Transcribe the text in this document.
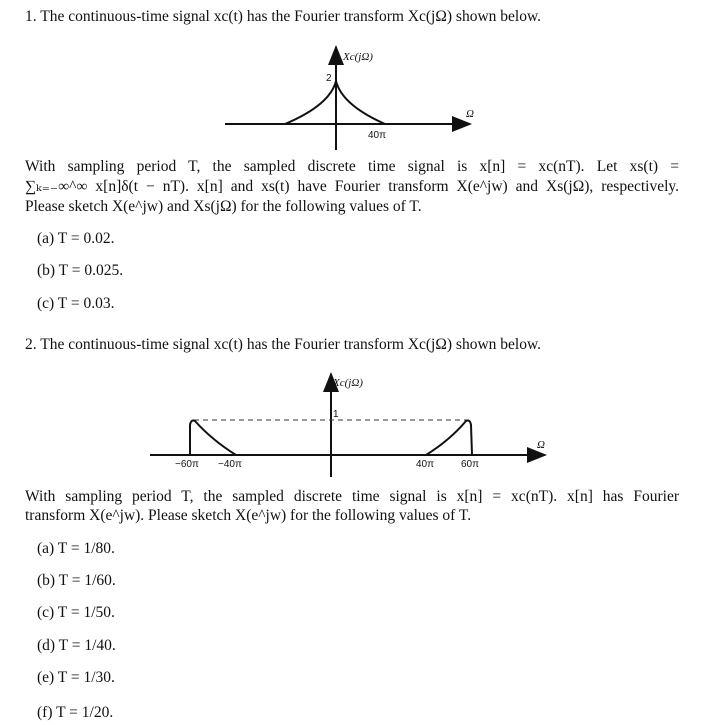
1. The continuous-time signal xc(t) has the Fourier transform Xc(jΩ) shown below.
Xc(jΩ)
2
40π
Ω
Xc(jΩ)
1
−60π −40π	40π	60π
Ω
With sampling period T, the sampled discrete time signal is x[n] = xc(nT). Let xs(t) =
∑ₖ₌₋∞^∞ x[n]δ(t − nT). x[n] and xs(t) have Fourier transform X(e^jw) and Xs(jΩ), respectively.
Please sketch X(e^jw) and Xs(jΩ) for the following values of T.
(a) T = 0.02.
(b) T = 0.025.
(c) T = 0.03.
2. The continuous-time signal xc(t) has the Fourier transform Xc(jΩ) shown below.
With sampling period T, the sampled discrete time signal is x[n] = xc(nT). x[n] has Fourier
transform X(e^jw). Please sketch X(e^jw) for the following values of T.
(a) T = 1/80.
(b) T = 1/60.
(c) T = 1/50.
(d) T = 1/40.
(e) T = 1/30.
(f) T = 1/20.
